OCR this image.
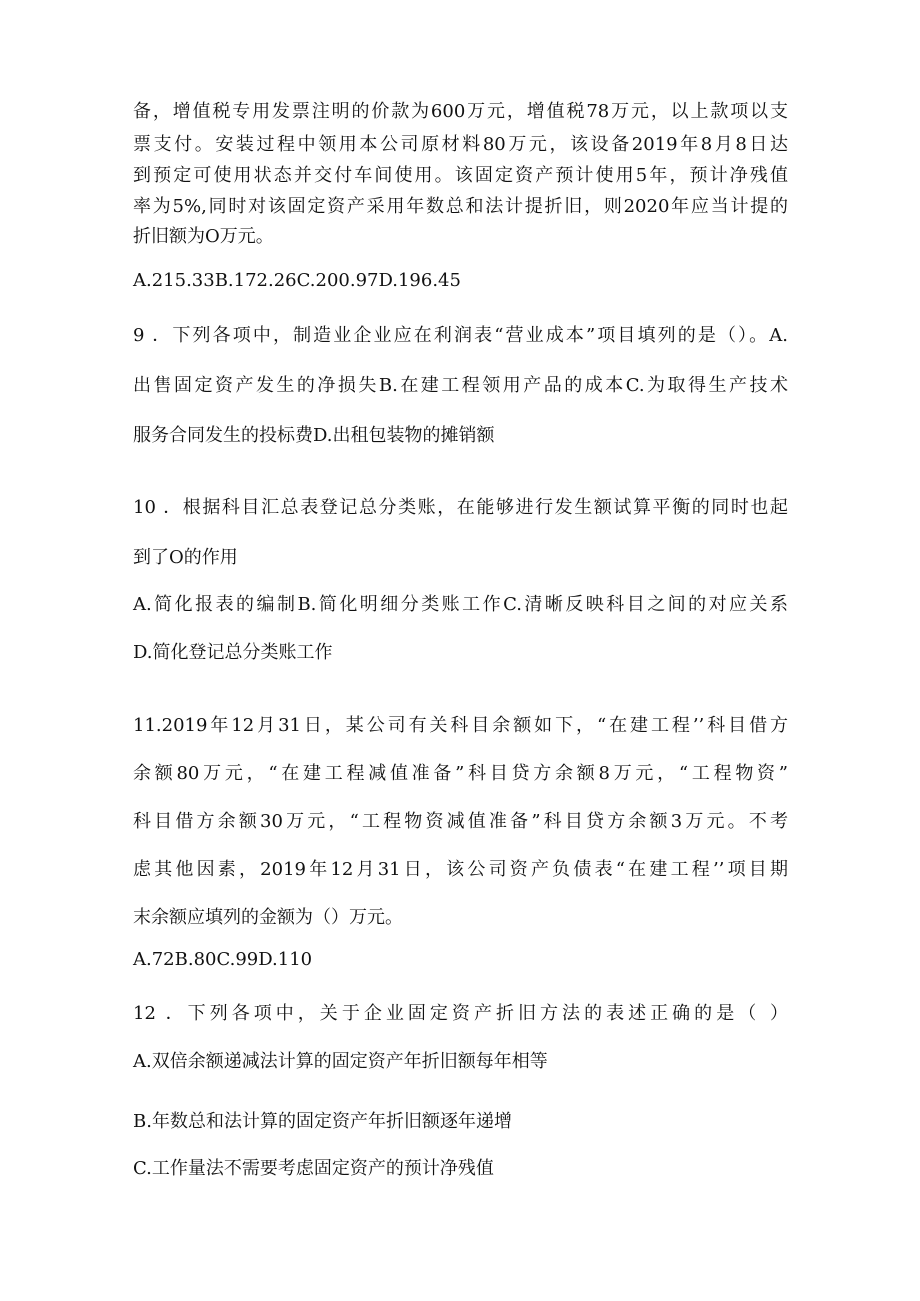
备，增值税专用发票注明的价款为600万元，增值税78万元，以上款项以支

票支付。安装过程中领用本公司原材料80万元，该设备2019年8月8日达

到预定可使用状态并交付车间使用。该固定资产预计使用5年，预计净残值

率为5%,同时对该固定资产采用年数总和法计提折旧，则2020年应当计提的

折旧额为O万元。

A.215.33B.172.26C.200.97D.196.45

9 ．下列各项中，制造业企业应在利润表“营业成本”项目填列的是（）。A.

出售固定资产发生的净损失B.在建工程领用产品的成本C.为取得生产技术

服务合同发生的投标费D.出租包装物的摊销额

10 ．根据科目汇总表登记总分类账，在能够进行发生额试算平衡的同时也起

到了O的作用

A.简化报表的编制B.简化明细分类账工作C.清晰反映科目之间的对应关系

D.简化登记总分类账工作

11.2019年12月31日，某公司有关科目余额如下，“在建工程’’科目借方

余额80万元，“在建工程减值准备”科目贷方余额8万元，“工程物资”

科目借方余额30万元，“工程物资减值准备”科目贷方余额3万元。不考

虑其他因素，2019年12月31日，该公司资产负债表“在建工程’’项目期

末余额应填列的金额为（）万元。

A.72B.80C.99D.110

12 ．下列各项中，关于企业固定资产折旧方法的表述正确的是（ ）

A.双倍余额递减法计算的固定资产年折旧额每年相等

B.年数总和法计算的固定资产年折旧额逐年递增

C.工作量法不需要考虑固定资产的预计净残值
